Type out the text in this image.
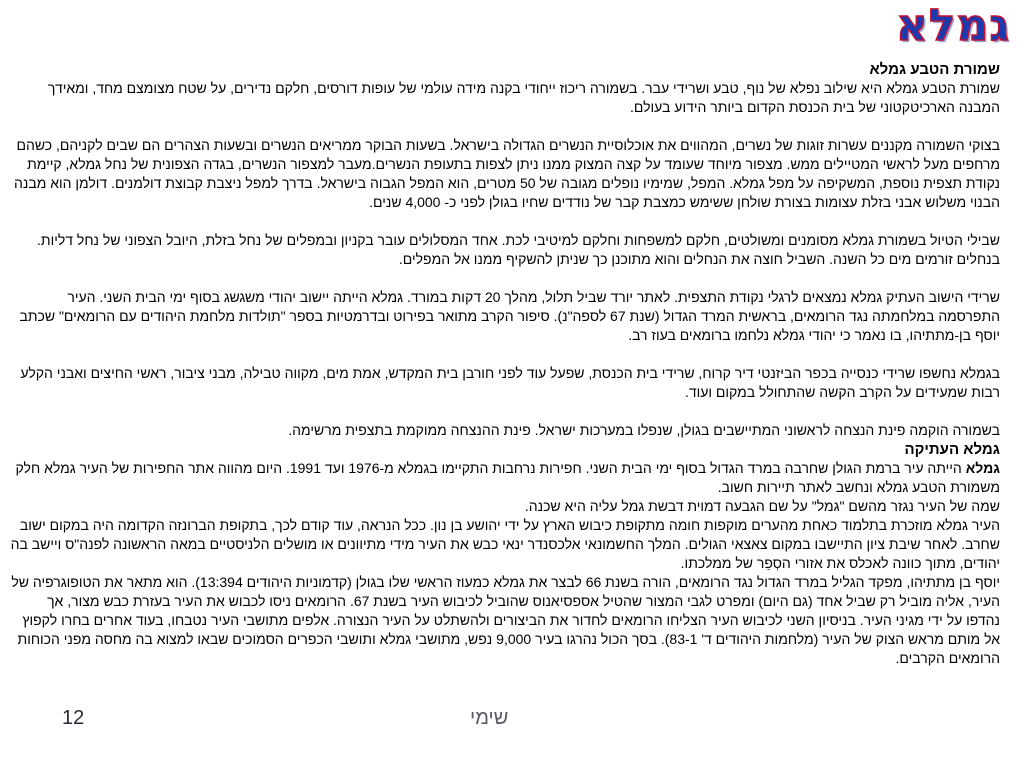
גמלא

שמורת הטבע גמלא

שמורת הטבע גמלא היא שילוב נפלא של נוף, טבע ושרידי עבר. בשמורה ריכוז ייחודי בקנה מידה עולמי של עופות דורסים, חלקם נדירים, על שטח מצומצם מחד, ומאידך המבנה הארכיטקטוני של בית הכנסת הקדום ביותר הידוע בעולם.

בצוקי השמורה מקננים עשרות זוגות של נשרים, המהווים את אוכלוסיית הנשרים הגדולה בישראל. בשעות הבוקר ממריאים הנשרים ובשעות הצהרים הם שבים לקניהם, כשהם מרחפים מעל לראשי המטיילים ממש. מצפור מיוחד שעומד על קצה המצוק ממנו ניתן לצפות בתעופת הנשרים.מעבר למצפור הנשרים, בגדה הצפונית של נחל גמלא, קיימת נקודת תצפית נוספת, המשקיפה על מפל גמלא. המפל, שמימיו נופלים מגובה של 50 מטרים, הוא המפל הגבוה בישראל. בדרך למפל ניצבת קבוצת דולמנים. דולמן הוא מבנה הבנוי משלוש אבני בזלת עצומות בצורת שולחן ששימש כמצבת קבר של נודדים שחיו בגולן לפני כ- 4,000 שנים.

שבילי הטיול בשמורת גמלא מסומנים ומשולטים, חלקם למשפחות וחלקם למיטיבי לכת. אחד המסלולים עובר בקניון ובמפלים של נחל בזלת, היובל הצפוני של נחל דליות. בנחלים זורמים מים כל השנה. השביל חוצה את הנחלים והוא מתוכנן כך שניתן להשקיף ממנו אל המפלים.

שרידי הישוב העתיק גמלא נמצאים לרגלי נקודת התצפית. לאתר יורד שביל תלול, מהלך 20 דקות במורד. גמלא הייתה יישוב יהודי משגשג בסוף ימי הבית השני. העיר התפרסמה במלחמתה נגד הרומאים, בראשית המרד הגדול (שנת 67 לספה"נ). סיפור הקרב מתואר בפירוט ובדרמטיות בספר "תולדות מלחמת היהודים עם הרומאים" שכתב יוסף בן-מתתיהו, בו נאמר כי יהודי גמלא נלחמו ברומאים בעוז רב.

בגמלא נחשפו שרידי כנסייה בכפר הביזנטי דיר קרוח, שרידי בית הכנסת, שפעל עוד לפני חורבן בית המקדש, אמת מים, מקווה טבילה, מבני ציבור, ראשי החיצים ואבני הקלע רבות שמעידים על הקרב הקשה שהתחולל במקום ועוד.

בשמורה הוקמה פינת הנצחה לראשוני המתיישבים בגולן, שנפלו במערכות ישראל. פינת ההנצחה ממוקמת בתצפית מרשימה.

גמלא העתיקה

גמלא הייתה עיר ברמת הגולן שחרבה במרד הגדול בסוף ימי הבית השני. חפירות נרחבות התקיימו בגמלא מ-1976 ועד 1991. היום מהווה אתר החפירות של העיר גמלא חלק משמורת הטבע גמלא ונחשב לאתר תיירות חשוב.

שמה של העיר נגזר מהשם "גמל" על שם הגבעה דמוית דבשת גמל עליה היא שכנה.

העיר גמלא מוזכרת בתלמוד כאחת מהערים מוקפות חומה מתקופת כיבוש הארץ על ידי יהושע בן נון. ככל הנראה, עוד קודם לכך, בתקופת הברונזה הקדומה היה במקום ישוב שחרב. לאחר שיבת ציון התיישבו במקום צאצאי הגולים. המלך החשמונאי אלכסנדר ינאי כבש את העיר מידי מתיוונים או מושלים הלניסטיים במאה הראשונה לפנה"ס ויישב בה יהודים, מתוך כוונה לאכלס את אזורי הסְפַר של ממלכתו.

יוסף בן מתתיהו, מפקד הגליל במרד הגדול נגד הרומאים, הורה בשנת 66 לבצר את גמלא כמעוז הראשי שלו בגולן (קדמוניות היהודים 13:394). הוא מתאר את הטופוגרפיה של העיר, אליה מוביל רק שביל אחד (גם היום) ומפרט לגבי המצור שהטיל אספסיאנוס שהוביל לכיבוש העיר בשנת 67. הרומאים ניסו לכבוש את העיר בעזרת כבש מצור, אך נהדפו על ידי מגיני העיר. בניסיון השני לכיבוש העיר הצליחו הרומאים לחדור את הביצורים ולהשתלט על העיר הנצורה. אלפים מתושבי העיר נטבחו, בעוד אחרים בחרו לקפוץ אל מותם מראש הצוק של העיר (מלחמות היהודים ד' 83-1). בסך הכול נהרגו בעיר 9,000 נפש, מתושבי גמלא ותושבי הכפרים הסמוכים שבאו למצוא בה מחסה מפני הכוחות הרומאים הקרבים.

12	שימי
